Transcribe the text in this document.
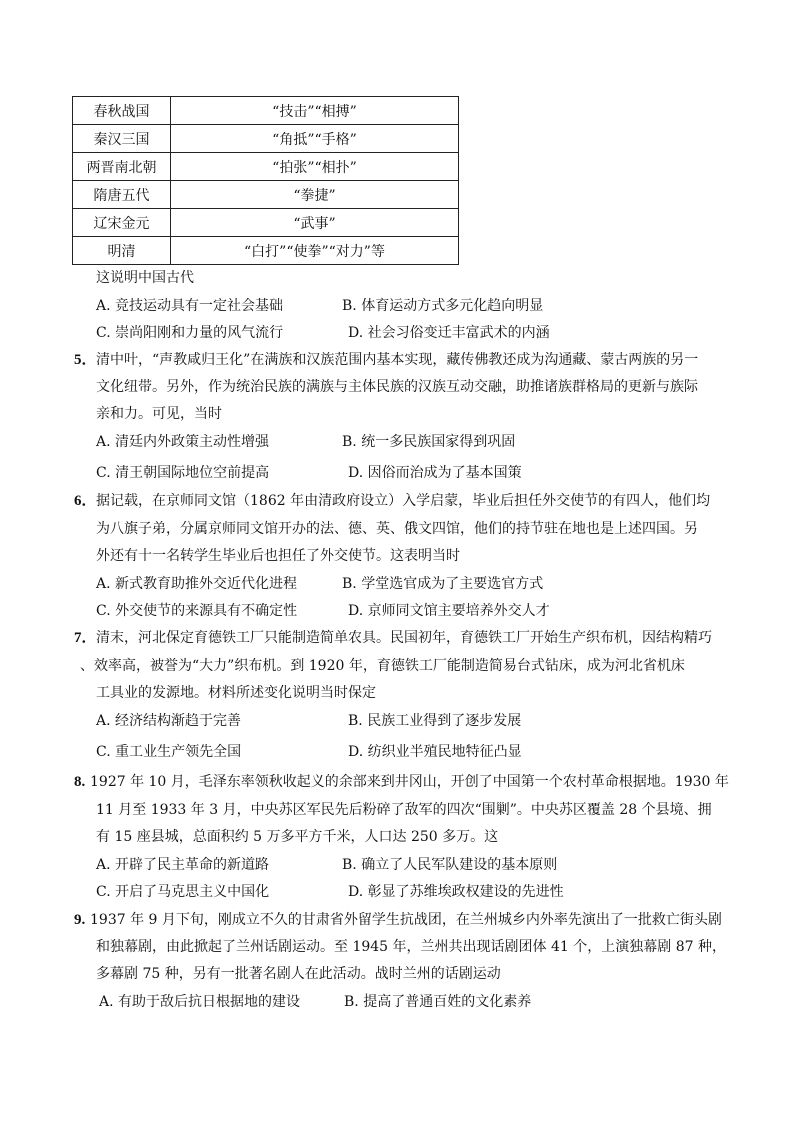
春秋战国	“技击”“相搏”
秦汉三国	“角抵”“手格”
两晋南北朝	“拍张”“相扑”
隋唐五代	“拳捷”
辽宋金元	“武事”
明清	“白打”“使拳”“对力”等
这说明中国古代
A. 竞技运动具有一定社会基础	B. 体育运动方式多元化趋向明显
C. 崇尚阳刚和力量的风气流行	D. 社会习俗变迁丰富武术的内涵
5． 清中叶，“声教咸归王化”在满族和汉族范围内基本实现，藏传佛教还成为沟通藏、蒙古两族的另一
文化纽带。另外，作为统治民族的满族与主体民族的汉族互动交融，助推诸族群格局的更新与族际
亲和力。可见，当时
A. 清廷内外政策主动性增强	B. 统一多民族国家得到巩固
C. 清王朝国际地位空前提高	D. 因俗而治成为了基本国策
6． 据记载，在京师同文馆（1862 年由清政府设立）入学启蒙，毕业后担任外交使节的有四人，他们均
为八旗子弟，分属京师同文馆开办的法、德、英、俄文四馆，他们的持节驻在地也是上述四国。另
外还有十一名转学生毕业后也担任了外交使节。这表明当时
A. 新式教育助推外交近代化进程	B. 学堂选官成为了主要选官方式
C. 外交使节的来源具有不确定性	D. 京师同文馆主要培养外交人才
7． 清末，河北保定育德铁工厂只能制造简单农具。民国初年，育德铁工厂开始生产织布机，因结构精巧
、效率高，被誉为“大力”织布机。到 1920 年，育德铁工厂能制造简易台式钻床，成为河北省机床
工具业的发源地。材料所述变化说明当时保定
A. 经济结构渐趋于完善	B. 民族工业得到了逐步发展
C. 重工业生产领先全国	D. 纺织业半殖民地特征凸显
8. 1927 年 10 月，毛泽东率领秋收起义的余部来到井冈山，开创了中国第一个农村革命根据地。1930 年
11 月至 1933 年 3 月，中央苏区军民先后粉碎了敌军的四次“围剿”。中央苏区覆盖 28 个县境、拥
有 15 座县城，总面积约 5 万多平方千米，人口达 250 多万。这
A. 开辟了民主革命的新道路	B. 确立了人民军队建设的基本原则
C. 开启了马克思主义中国化	D. 彰显了苏维埃政权建设的先进性
9. 1937 年 9 月下旬，刚成立不久的甘肃省外留学生抗战团，在兰州城乡内外率先演出了一批救亡街头剧
和独幕剧，由此掀起了兰州话剧运动。至 1945 年，兰州共出现话剧团体 41 个，上演独幕剧 87 种，
多幕剧 75 种，另有一批著名剧人在此活动。战时兰州的话剧运动
A. 有助于敌后抗日根据地的建设	B. 提高了普通百姓的文化素养
